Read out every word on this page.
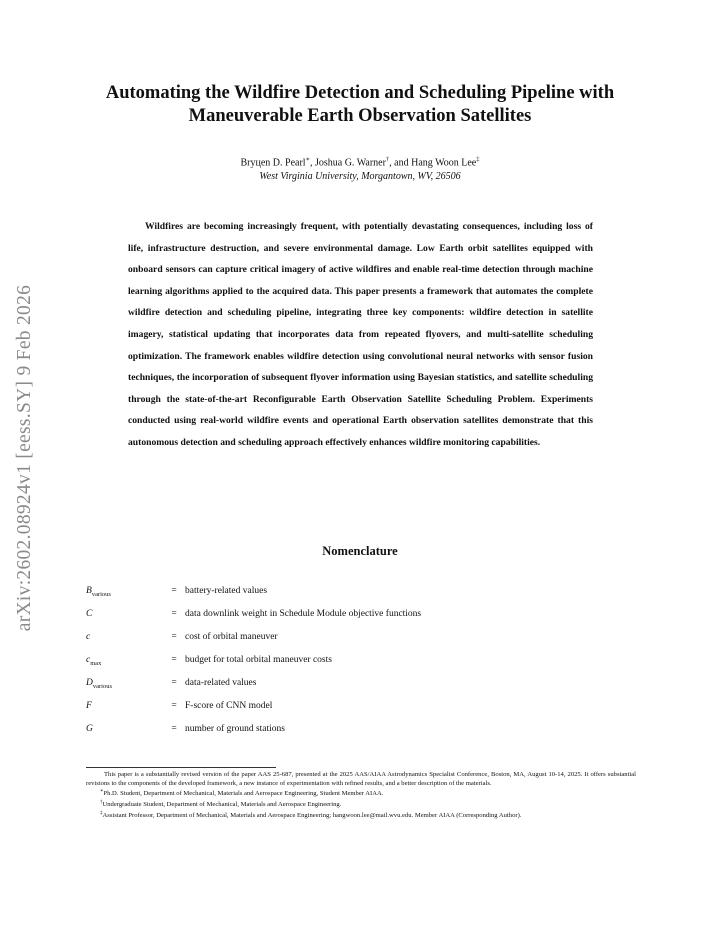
arXiv:2602.08924v1 [eess.SY] 9 Feb 2026
Automating the Wildfire Detection and Scheduling Pipeline with
Maneuverable Earth Observation Satellites
Bryцen D. Pearl∗, Joshua G. Warner†, and Hang Woon Lee‡
West Virginia University, Morgantown, WV, 26506

Wildfires are becoming increasingly frequent, with potentially devastating consequences, including loss of life, infrastructure destruction, and severe environmental damage. Low Earth orbit satellites equipped with onboard sensors can capture critical imagery of active wildfires and enable real-time detection through machine learning algorithms applied to the acquired data. This paper presents a framework that automates the complete wildfire detection and scheduling pipeline, integrating three key components: wildfire detection in satellite imagery, statistical updating that incorporates data from repeated flyovers, and multi-satellite scheduling optimization. The framework enables wildfire detection using convolutional neural networks with sensor fusion techniques, the incorporation of subsequent flyover information using Bayesian statistics, and satellite scheduling through the state-of-the-art Reconfigurable Earth Observation Satellite Scheduling Problem. Experiments conducted using real-world wildfire events and operational Earth observation satellites demonstrate that this autonomous detection and scheduling approach effectively enhances wildfire monitoring capabilities.

Nomenclature
$B_{various}$	= battery-related values
C	= data downlink weight in Schedule Module objective functions
c	= cost of orbital maneuver
$c_{max}$	= budget for total orbital maneuver costs
$D_{various}$	= data-related values
F	= F-score of CNN model
G	= number of ground stations

This paper is a substantially revised version of the paper AAS 25-687, presented at the 2025 AAS/AIAA Astrodynamics Specialist Conference, Boston, MA, August 10-14, 2025. It offers substantial revisions to the components of the developed framework, a new instance of experimentation with refined results, and a better description of the materials.

∗Ph.D. Student, Department of Mechanical, Materials and Aerospace Engineering, Student Member AIAA.

†Undergraduate Student, Department of Mechanical, Materials and Aerospace Engineering.

‡Assistant Professor, Department of Mechanical, Materials and Aerospace Engineering; hangwoon.lee@mail.wvu.edu. Member AIAA (Corresponding Author).
